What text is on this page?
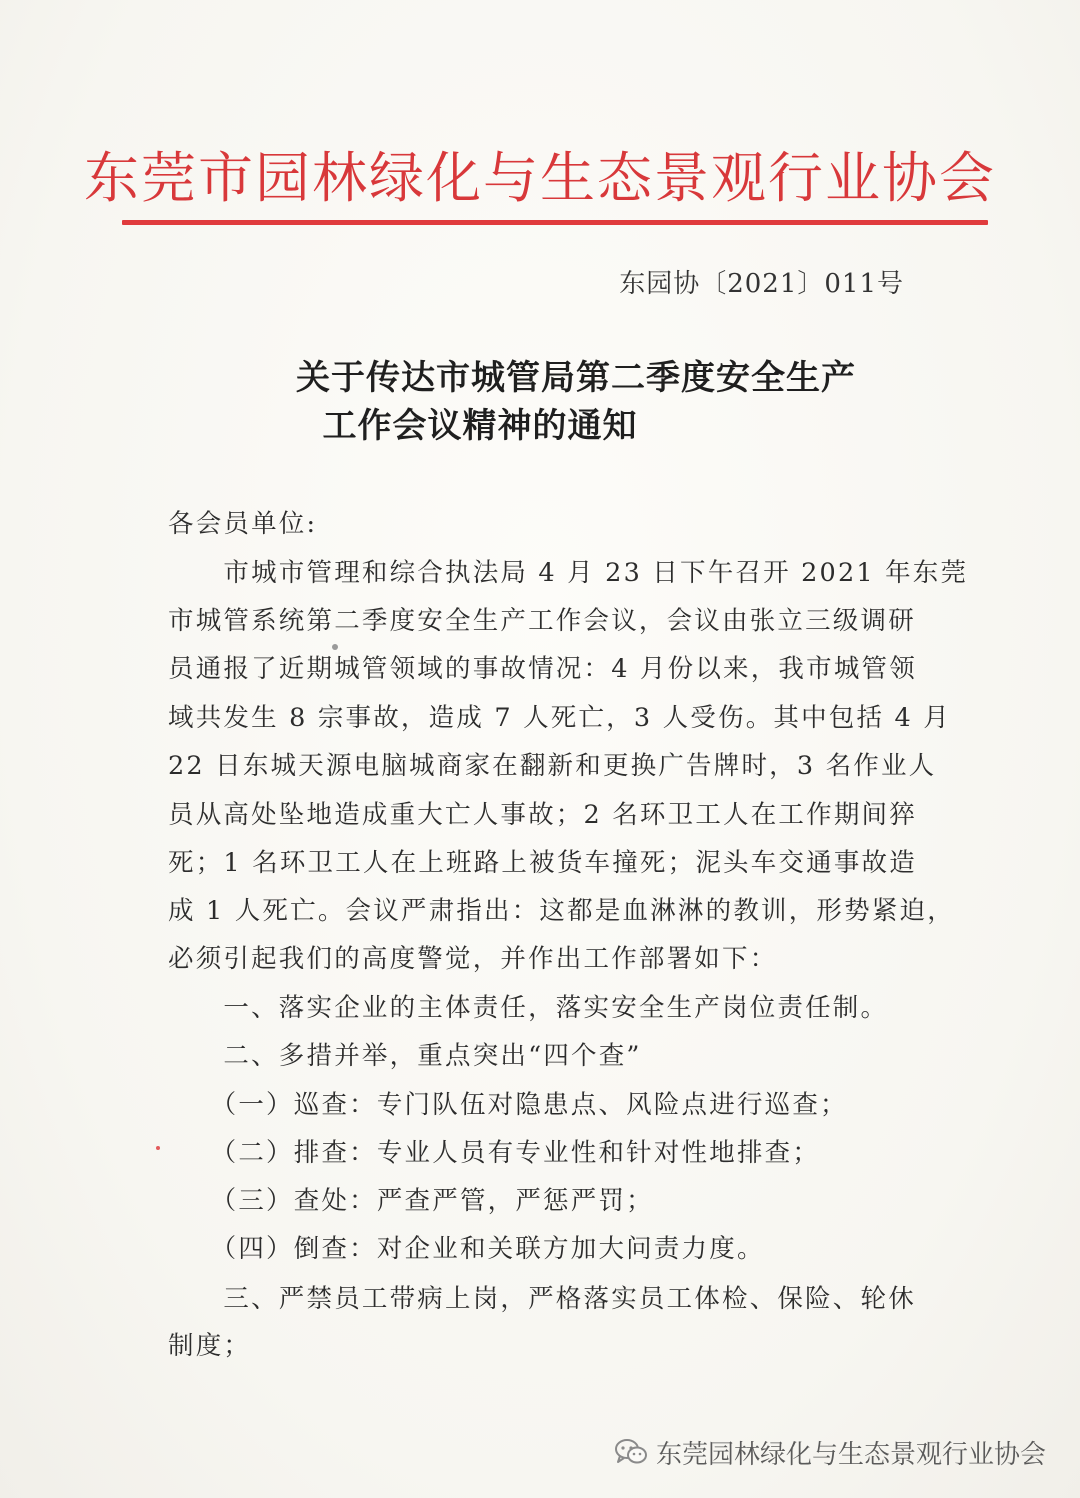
东莞市园林绿化与生态景观行业协会
东园协〔2021〕011号
关于传达市城管局第二季度安全生产
工作会议精神的通知
各会员单位:
　　市城市管理和综合执法局 4 月 23 日下午召开 2021 年东莞
市城管系统第二季度安全生产工作会议，会议由张立三级调研
员通报了近期城管领域的事故情况：4 月份以来，我市城管领
域共发生 8 宗事故，造成 7 人死亡，3 人受伤。其中包括 4 月
22 日东城天源电脑城商家在翻新和更换广告牌时，3 名作业人
员从高处坠地造成重大亡人事故；2 名环卫工人在工作期间猝
死；1 名环卫工人在上班路上被货车撞死；泥头车交通事故造
成 1 人死亡。会议严肃指出：这都是血淋淋的教训，形势紧迫，
必须引起我们的高度警觉，并作出工作部署如下：
　　一、落实企业的主体责任，落实安全生产岗位责任制。
　　二、多措并举，重点突出“四个查”
　　（一）巡查：专门队伍对隐患点、风险点进行巡查；
　　（二）排查：专业人员有专业性和针对性地排查；
　　（三）查处：严查严管，严惩严罚；
　　（四）倒查：对企业和关联方加大问责力度。
　　三、严禁员工带病上岗，严格落实员工体检、保险、轮休
制度；
东莞园林绿化与生态景观行业协会
